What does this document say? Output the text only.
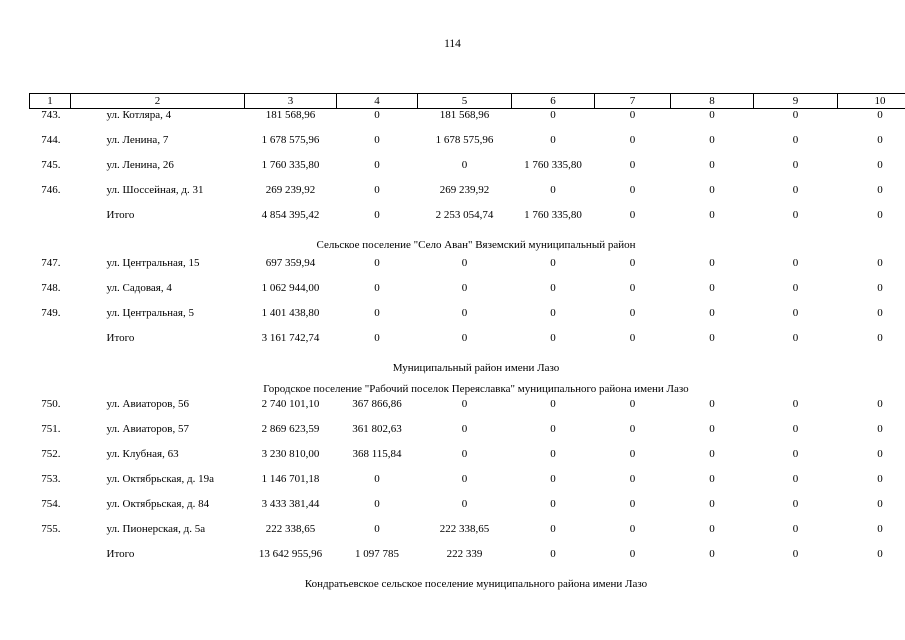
114
1	2	3	4	5	6	7	8	9	10
743.	ул. Котляра, 4	181 568,96	0	181 568,96	0	0	0	0	0
744.	ул. Ленина, 7	1 678 575,96	0	1 678 575,96	0	0	0	0	0
745.	ул. Ленина, 26	1 760 335,80	0	0	1 760 335,80	0	0	0	0
746.	ул. Шоссейная, д. 31	269 239,92	0	269 239,92	0	0	0	0	0
	Итого	4 854 395,42	0	2 253 054,74	1 760 335,80	0	0	0	0
Сельское поселение "Село Аван" Вяземский муниципальный район									
747.	ул. Центральная, 15	697 359,94	0	0	0	0	0	0	0
748.	ул. Садовая, 4	1 062 944,00	0	0	0	0	0	0	0
749.	ул. Центральная, 5	1 401 438,80	0	0	0	0	0	0	0
	Итого	3 161 742,74	0	0	0	0	0	0	0
Муниципальный район имени Лазо									
Городское поселение "Рабочий поселок Переяславка" муниципального района имени Лазо									
750.	ул. Авиаторов, 56	2 740 101,10	367 866,86	0	0	0	0	0	0
751.	ул. Авиаторов, 57	2 869 623,59	361 802,63	0	0	0	0	0	0
752.	ул. Клубная, 63	3 230 810,00	368 115,84	0	0	0	0	0	0
753.	ул. Октябрьская, д. 19а	1 146 701,18	0	0	0	0	0	0	0
754.	ул. Октябрьская, д. 84	3 433 381,44	0	0	0	0	0	0	0
755.	ул. Пионерская, д. 5а	222 338,65	0	222 338,65	0	0	0	0	0
	Итого	13 642 955,96	1 097 785	222 339	0	0	0	0	0
Кондратьевское сельское поселение муниципального района имени Лазо									
